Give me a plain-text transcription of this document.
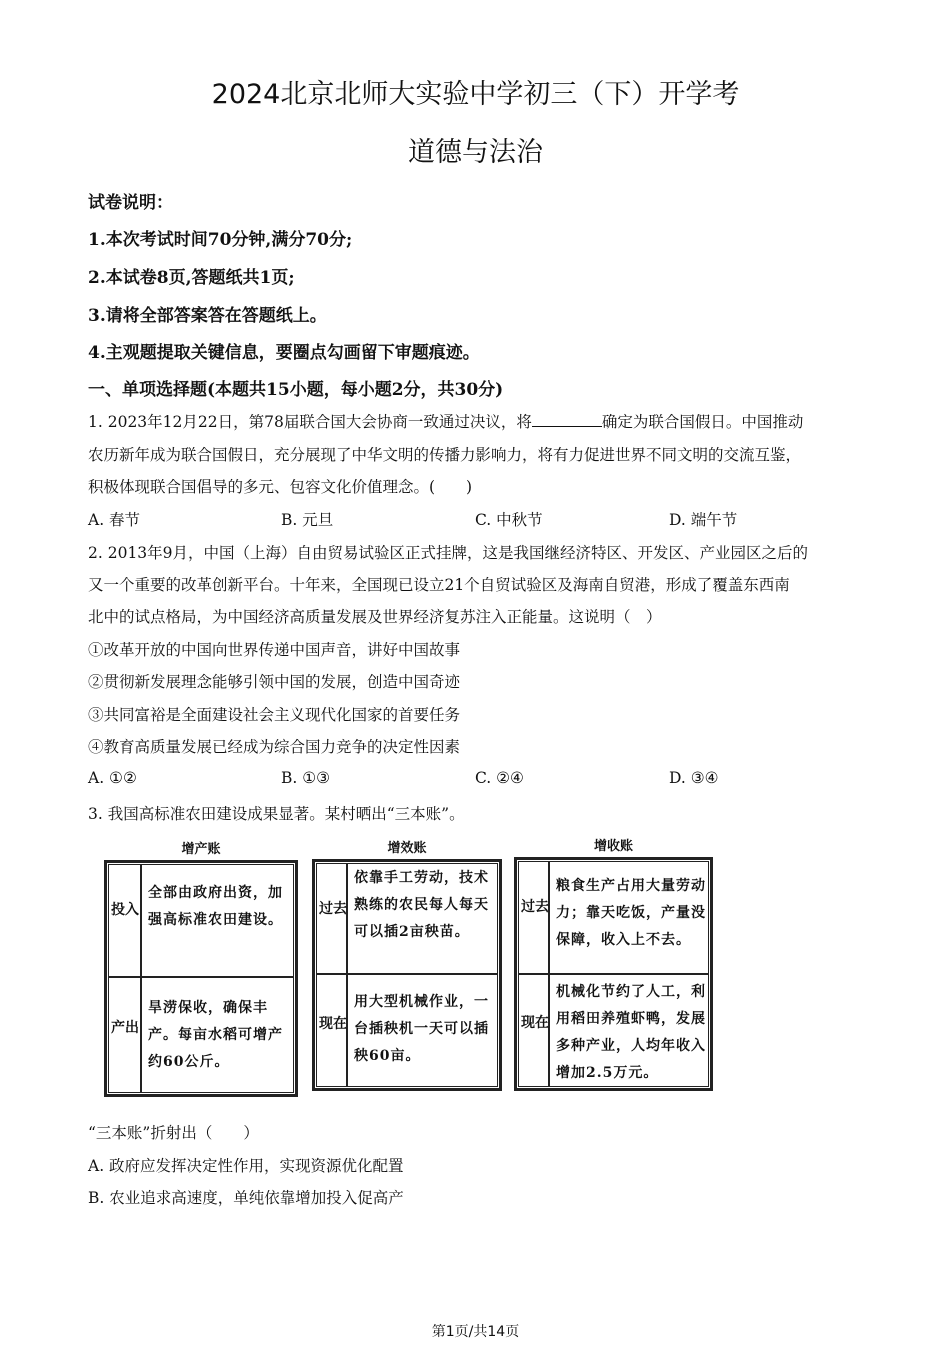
2024北京北师大实验中学初三（下）开学考
道德与法治
试卷说明：
1.本次考试时间70分钟,满分70分;
2.本试卷8页,答题纸共1页;
3.请将全部答案答在答题纸上。
4.主观题提取关键信息，要圈点勾画留下审题痕迹。
一、单项选择题(本题共15小题，每小题2分，共30分)
1. 2023年12月22日，第78届联合国大会协商一致通过决议，将	确定为联合国假日。中国推动
农历新年成为联合国假日，充分展现了中华文明的传播力影响力，将有力促进世界不同文明的交流互鉴，
积极体现联合国倡导的多元、包容文化价值理念。(　　)
A. 春节	B. 元旦	C. 中秋节	D. 端午节
2. 2013年9月，中国（上海）自由贸易试验区正式挂牌，这是我国继经济特区、开发区、产业园区之后的
又一个重要的改革创新平台。十年来，全国现已设立21个自贸试验区及海南自贸港，形成了覆盖东西南
北中的试点格局，为中国经济高质量发展及世界经济复苏注入正能量。这说明（　）
①改革开放的中国向世界传递中国声音，讲好中国故事
②贯彻新发展理念能够引领中国的发展，创造中国奇迹
③共同富裕是全面建设社会主义现代化国家的首要任务
④教育高质量发展已经成为综合国力竞争的决定性因素
A. ①②	B. ①③	C. ②④	D. ③④
3. 我国高标准农田建设成果显著。某村晒出“三本账”。
增产账
投入
全部由政府出资，加强高标准农田建设。
产出
旱涝保收，确保丰产。每亩水稻可增产约60公斤。
增效账
过去
依靠手工劳动，技术熟练的农民每人每天可以插2亩秧苗。
现在
用大型机械作业，一台插秧机一天可以插秧60亩。
增收账
过去
粮食生产占用大量劳动力；靠天吃饭，产量没保障，收入上不去。
现在
机械化节约了人工，利用稻田养殖虾鸭，发展多种产业，人均年收入增加2.5万元。
“三本账”折射出（　　）
A. 政府应发挥决定性作用，实现资源优化配置
B. 农业追求高速度，单纯依靠增加投入促高产
第1页/共14页
